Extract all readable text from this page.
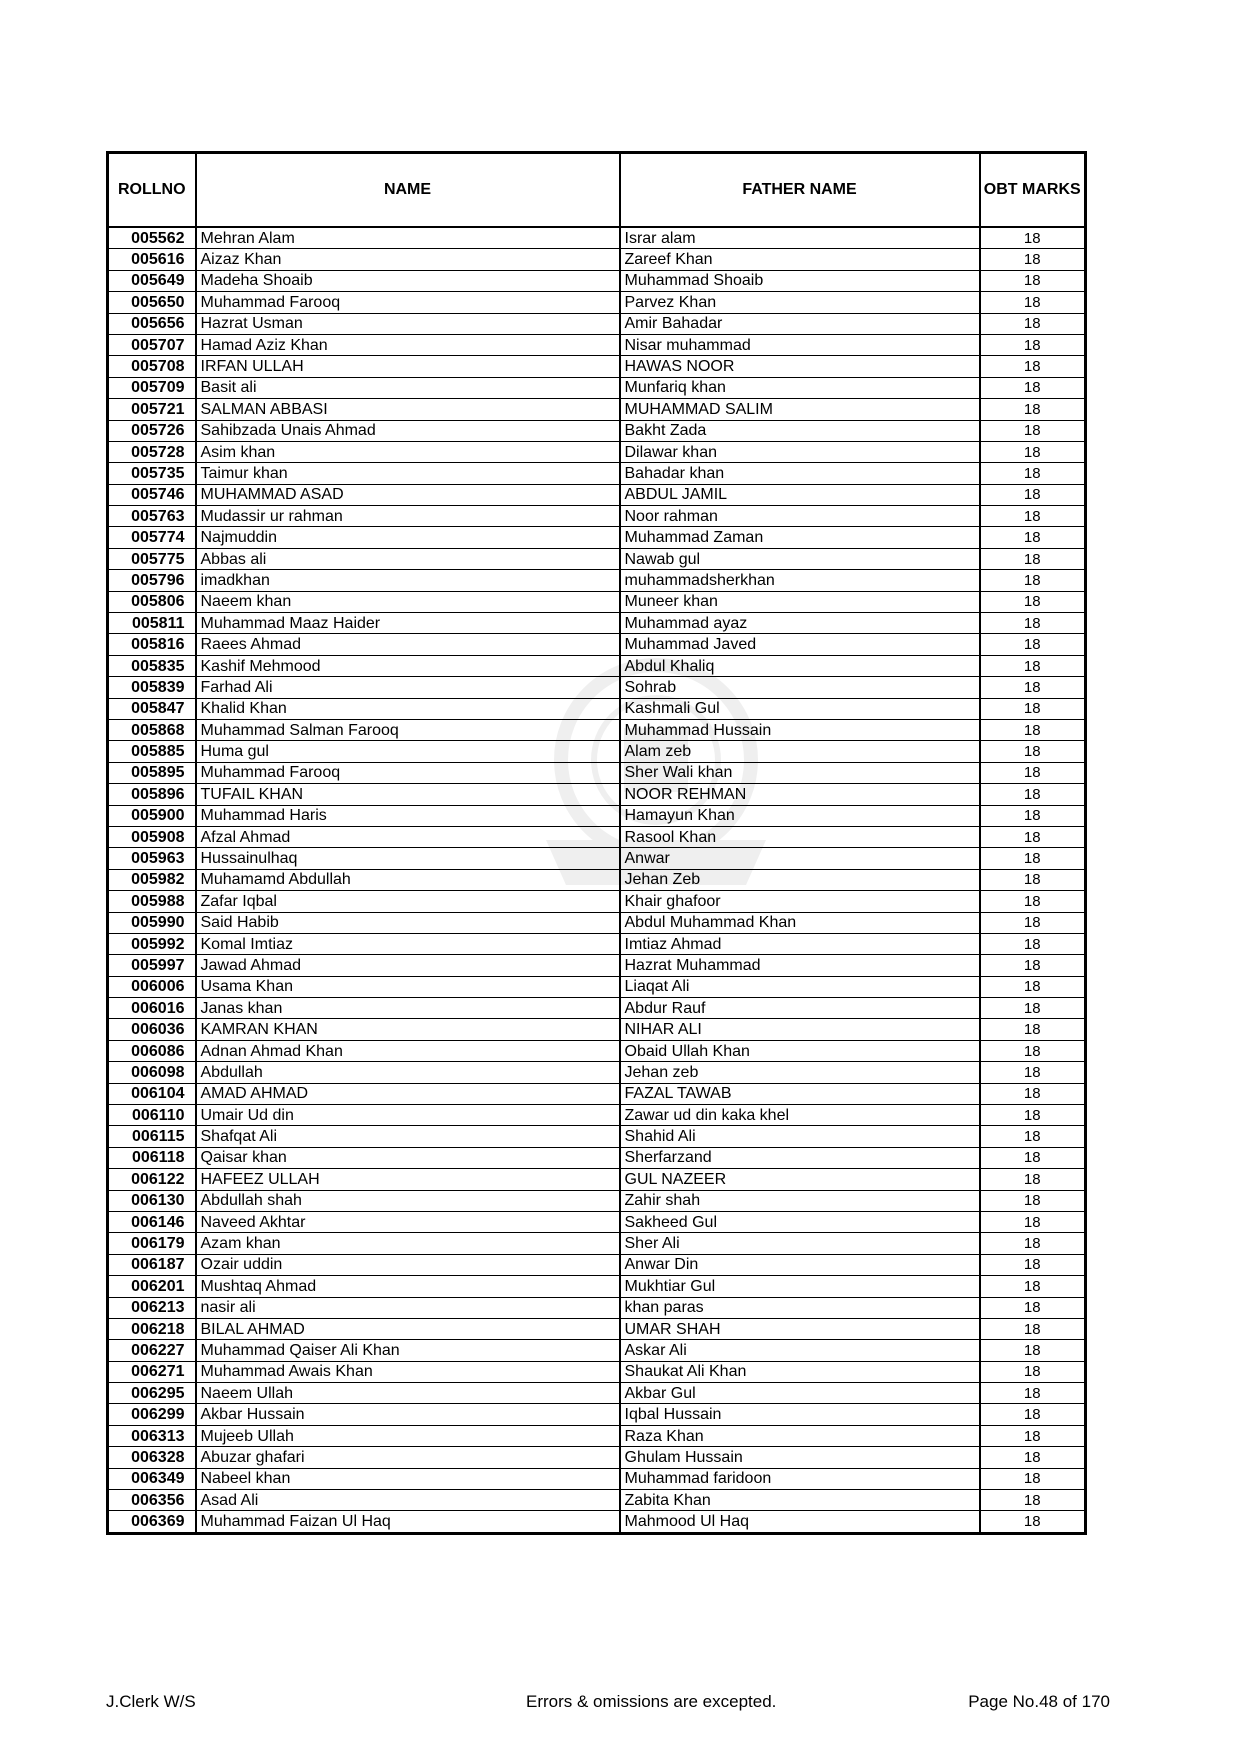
ROLLNO	NAME	FATHER NAME	OBT MARKS
005562	Mehran Alam	Israr alam	18
005616	Aizaz Khan	Zareef Khan	18
005649	Madeha Shoaib	Muhammad Shoaib	18
005650	Muhammad Farooq	Parvez Khan	18
005656	Hazrat Usman	Amir Bahadar	18
005707	Hamad Aziz Khan	Nisar muhammad	18
005708	IRFAN ULLAH	HAWAS NOOR	18
005709	Basit ali	Munfariq khan	18
005721	SALMAN ABBASI	MUHAMMAD SALIM	18
005726	Sahibzada Unais Ahmad	Bakht Zada	18
005728	Asim khan	Dilawar khan	18
005735	Taimur khan	Bahadar khan	18
005746	MUHAMMAD ASAD	ABDUL JAMIL	18
005763	Mudassir ur rahman	Noor rahman	18
005774	Najmuddin	Muhammad Zaman	18
005775	Abbas ali	Nawab gul	18
005796	imadkhan	muhammadsherkhan	18
005806	Naeem khan	Muneer khan	18
005811	Muhammad Maaz Haider	Muhammad ayaz	18
005816	Raees Ahmad	Muhammad Javed	18
005835	Kashif Mehmood	Abdul Khaliq	18
005839	Farhad Ali	Sohrab	18
005847	Khalid Khan	Kashmali Gul	18
005868	Muhammad Salman Farooq	Muhammad Hussain	18
005885	Huma gul	Alam zeb	18
005895	Muhammad Farooq	Sher Wali khan	18
005896	TUFAIL KHAN	NOOR REHMAN	18
005900	Muhammad Haris	Hamayun Khan	18
005908	Afzal Ahmad	Rasool Khan	18
005963	Hussainulhaq	Anwar	18
005982	Muhamamd Abdullah	Jehan Zeb	18
005988	Zafar Iqbal	Khair ghafoor	18
005990	Said Habib	Abdul Muhammad Khan	18
005992	Komal Imtiaz	Imtiaz Ahmad	18
005997	Jawad Ahmad	Hazrat Muhammad	18
006006	Usama Khan	Liaqat Ali	18
006016	Janas khan	Abdur Rauf	18
006036	KAMRAN KHAN	NIHAR ALI	18
006086	Adnan Ahmad Khan	Obaid Ullah Khan	18
006098	Abdullah	Jehan zeb	18
006104	AMAD AHMAD	FAZAL TAWAB	18
006110	Umair Ud din	Zawar ud din kaka khel	18
006115	Shafqat Ali	Shahid Ali	18
006118	Qaisar khan	Sherfarzand	18
006122	HAFEEZ ULLAH	GUL NAZEER	18
006130	Abdullah shah	Zahir shah	18
006146	Naveed Akhtar	Sakheed Gul	18
006179	Azam khan	Sher Ali	18
006187	Ozair uddin	Anwar Din	18
006201	Mushtaq Ahmad	Mukhtiar Gul	18
006213	nasir ali	khan paras	18
006218	BILAL AHMAD	UMAR SHAH	18
006227	Muhammad Qaiser Ali Khan	Askar Ali	18
006271	Muhammad Awais Khan	Shaukat Ali Khan	18
006295	Naeem Ullah	Akbar Gul	18
006299	Akbar Hussain	Iqbal Hussain	18
006313	Mujeeb Ullah	Raza Khan	18
006328	Abuzar ghafari	Ghulam Hussain	18
006349	Nabeel khan	Muhammad faridoon	18
006356	Asad Ali	Zabita Khan	18
006369	Muhammad Faizan Ul Haq	Mahmood Ul Haq	18
J.Clerk W/S	Errors & omissions are excepted.	Page No.48 of 170
